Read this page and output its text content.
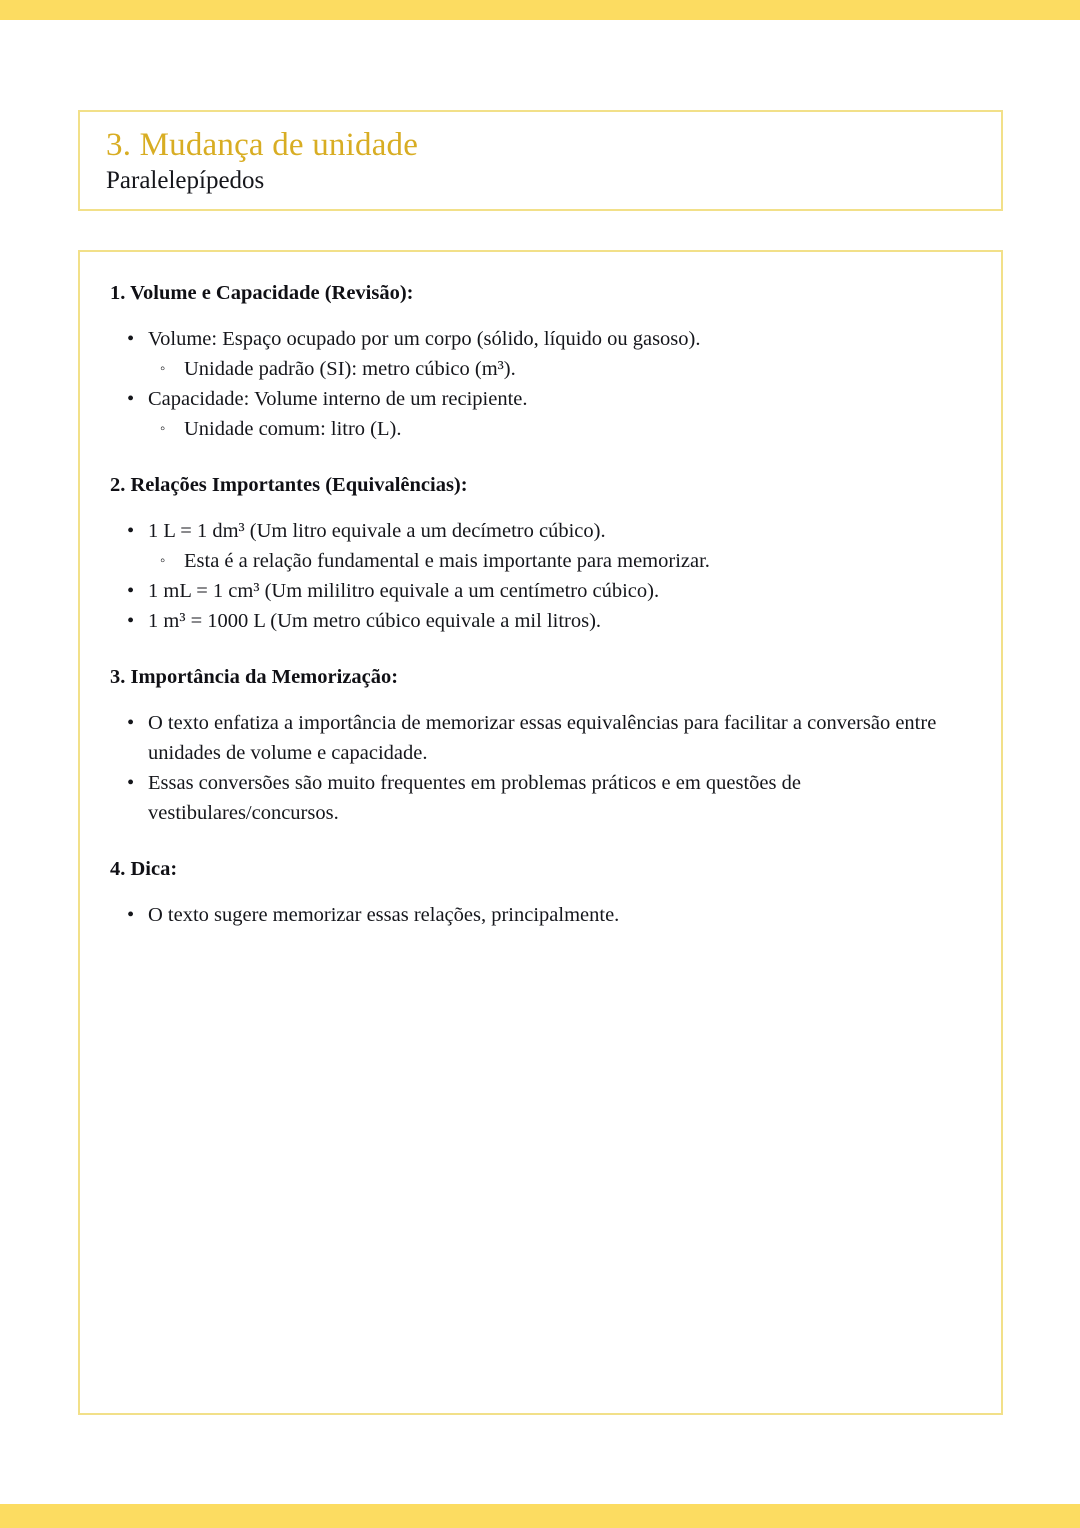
3. Mudança de unidade
Paralelepípedos
1. Volume e Capacidade (Revisão):
• Volume: Espaço ocupado por um corpo (sólido, líquido ou gasoso).
◦ Unidade padrão (SI): metro cúbico (m³).
• Capacidade: Volume interno de um recipiente.
◦ Unidade comum: litro (L).
2. Relações Importantes (Equivalências):
• 1 L = 1 dm³ (Um litro equivale a um decímetro cúbico).
◦ Esta é a relação fundamental e mais importante para memorizar.
• 1 mL = 1 cm³ (Um mililitro equivale a um centímetro cúbico).
• 1 m³ = 1000 L (Um metro cúbico equivale a mil litros).
3. Importância da Memorização:
• O texto enfatiza a importância de memorizar essas equivalências para facilitar a conversão entre unidades de volume e capacidade.
• Essas conversões são muito frequentes em problemas práticos e em questões de vestibulares/concursos.
4. Dica:
• O texto sugere memorizar essas relações, principalmente.
